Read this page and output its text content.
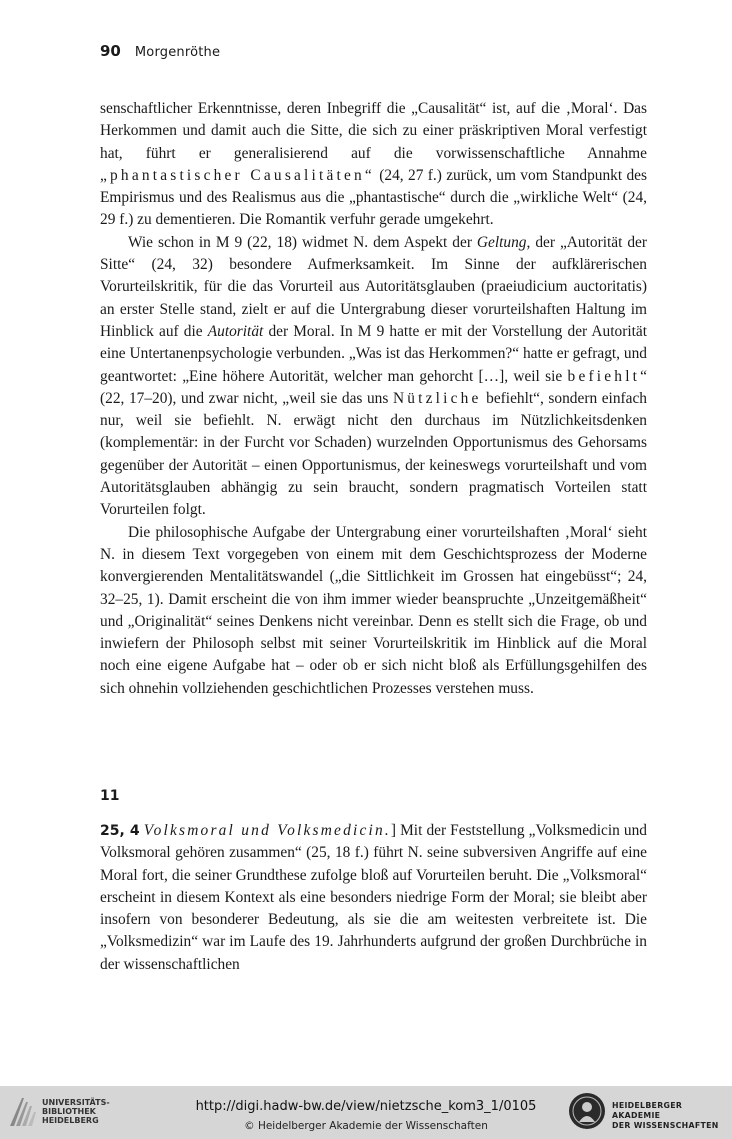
90 Morgenröthe

senschaftlicher Erkenntnisse, deren Inbegriff die „Causalität“ ist, auf die ‚Moral‘. Das Herkommen und damit auch die Sitte, die sich zu einer präskriptiven Moral verfestigt hat, führt er generalisierend auf die vorwissenschaftliche Annahme „phantastischer Causalitäten“ (24, 27 f.) zurück, um vom Standpunkt des Empirismus und des Realismus aus die „phantastische“ durch die „wirkliche Welt“ (24, 29 f.) zu dementieren. Die Romantik verfuhr gerade umgekehrt.

Wie schon in M 9 (22, 18) widmet N. dem Aspekt der Geltung, der „Autorität der Sitte“ (24, 32) besondere Aufmerksamkeit. Im Sinne der aufklärerischen Vorurteilskritik, für die das Vorurteil aus Autoritätsglauben (praeiudicium auctoritatis) an erster Stelle stand, zielt er auf die Untergrabung dieser vorurteilshaften Haltung im Hinblick auf die Autorität der Moral. In M 9 hatte er mit der Vorstellung der Autorität eine Untertanenpsychologie verbunden. „Was ist das Herkommen?“ hatte er gefragt, und geantwortet: „Eine höhere Autorität, welcher man gehorcht […], weil sie befiehlt“ (22, 17–20), und zwar nicht, „weil sie das uns Nützliche befiehlt“, sondern einfach nur, weil sie befiehlt. N. erwägt nicht den durchaus im Nützlichkeitsdenken (komplementär: in der Furcht vor Schaden) wurzelnden Opportunismus des Gehorsams gegenüber der Autorität – einen Opportunismus, der keineswegs vorurteilshaft und vom Autoritätsglauben abhängig zu sein braucht, sondern pragmatisch Vorteilen statt Vorurteilen folgt.

Die philosophische Aufgabe der Untergrabung einer vorurteilshaften ‚Moral‘ sieht N. in diesem Text vorgegeben von einem mit dem Geschichtsprozess der Moderne konvergierenden Mentalitätswandel („die Sittlichkeit im Grossen hat eingebüsst“; 24, 32–25, 1). Damit erscheint die von ihm immer wieder beanspruchte „Unzeitgemäßheit“ und „Originalität“ seines Denkens nicht vereinbar. Denn es stellt sich die Frage, ob und inwiefern der Philosoph selbst mit seiner Vorurteilskritik im Hinblick auf die Moral noch eine eigene Aufgabe hat – oder ob er sich nicht bloß als Erfüllungsgehilfen des sich ohnehin vollziehenden geschichtlichen Prozesses verstehen muss.

11

25, 4 Volksmoral und Volksmedicin.] Mit der Feststellung „Volksmedicin und Volksmoral gehören zusammen“ (25, 18 f.) führt N. seine subversiven Angriffe auf eine Moral fort, die seiner Grundthese zufolge bloß auf Vorurteilen beruht. Die „Volksmoral“ erscheint in diesem Kontext als eine besonders niedrige Form der Moral; sie bleibt aber insofern von besonderer Bedeutung, als sie die am weitesten verbreitete ist. Die „Volksmedizin“ war im Laufe des 19. Jahrhunderts aufgrund der großen Durchbrüche in der wissenschaftlichen

UNIVERSITÄTS-
BIBLIOTHEK
HEIDELBERG
http://digi.hadw-bw.de/view/nietzsche_kom3_1/0105
© Heidelberger Akademie der Wissenschaften
HEIDELBERGER AKADEMIE
DER WISSENSCHAFTEN
